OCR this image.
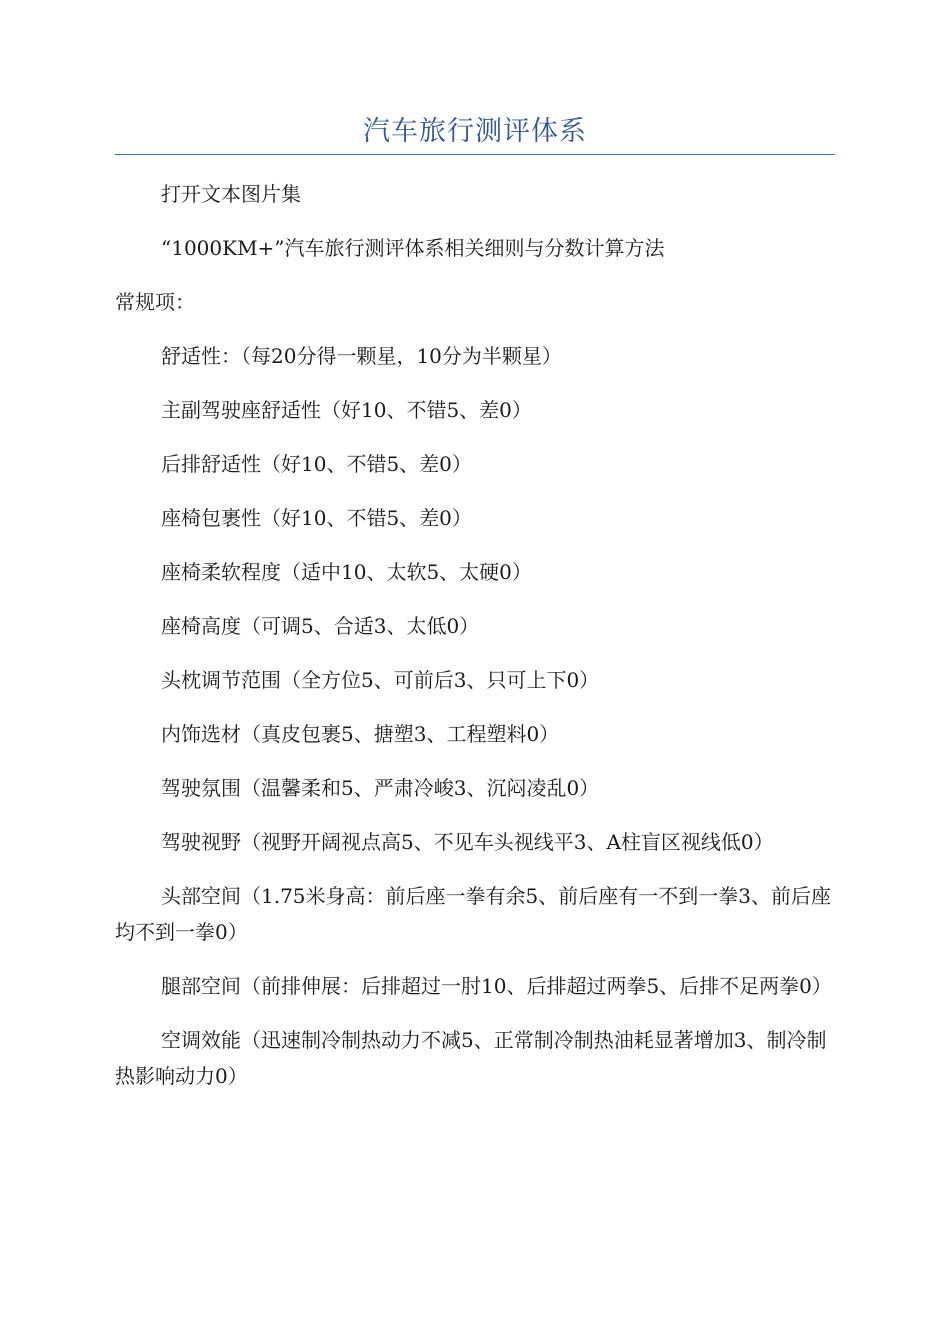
汽车旅行测评体系

打开文本图片集

“1000KM+”汽车旅行测评体系相关细则与分数计算方法

常规项：

舒适性：（每20分得一颗星，10分为半颗星）

主副驾驶座舒适性（好10、不错5、差0）

后排舒适性（好10、不错5、差0）

座椅包裹性（好10、不错5、差0）

座椅柔软程度（适中10、太软5、太硬0）

座椅高度（可调5、合适3、太低0）

头枕调节范围（全方位5、可前后3、只可上下0）

内饰选材（真皮包裹5、搪塑3、工程塑料0）

驾驶氛围（温馨柔和5、严肃冷峻3、沉闷凌乱0）

驾驶视野（视野开阔视点高5、不见车头视线平3、A柱盲区视线低0）

头部空间（1.75米身高：前后座一拳有余5、前后座有一不到一拳3、前后座均不到一拳0）

腿部空间（前排伸展：后排超过一肘10、后排超过两拳5、后排不足两拳0）

空调效能（迅速制冷制热动力不减5、正常制冷制热油耗显著增加3、制冷制热影响动力0）
